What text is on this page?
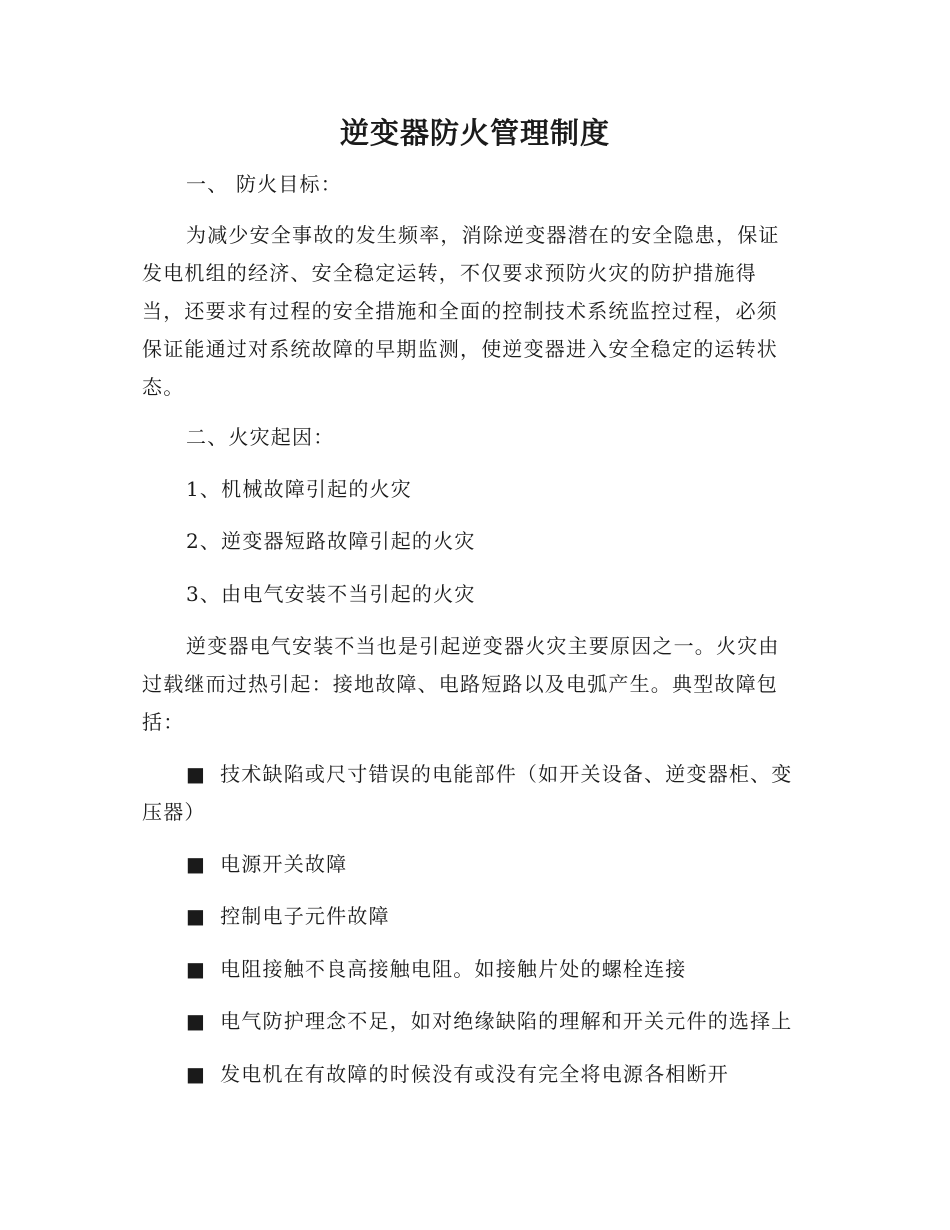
逆变器防火管理制度
一、 防火目标：
为减少安全事故的发生频率，消除逆变器潜在的安全隐患，保证
发电机组的经济、安全稳定运转，不仅要求预防火灾的防护措施得
当，还要求有过程的安全措施和全面的控制技术系统监控过程，必须
保证能通过对系统故障的早期监测，使逆变器进入安全稳定的运转状
态。
二、火灾起因：
1、机械故障引起的火灾
2、逆变器短路故障引起的火灾
3、由电气安装不当引起的火灾
逆变器电气安装不当也是引起逆变器火灾主要原因之一。火灾由
过载继而过热引起：接地故障、电路短路以及电弧产生。典型故障包
括：
■ 技术缺陷或尺寸错误的电能部件（如开关设备、逆变器柜、变
压器）
■ 电源开关故障
■ 控制电子元件故障
■ 电阻接触不良高接触电阻。如接触片处的螺栓连接
■ 电气防护理念不足，如对绝缘缺陷的理解和开关元件的选择上
■ 发电机在有故障的时候没有或没有完全将电源各相断开
